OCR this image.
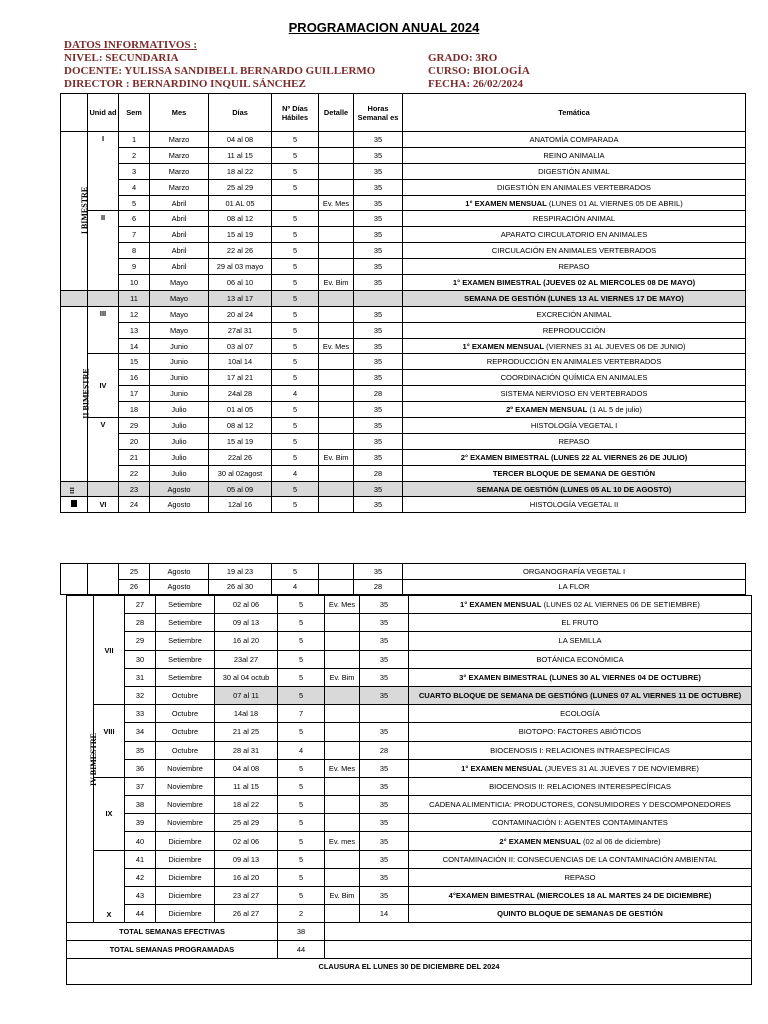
PROGRAMACION ANUAL 2024
DATOS INFORMATIVOS :
NIVEL: SECUNDARIA
DOCENTE: YULISSA SANDIBELL BERNARDO GUILLERMO
DIRECTOR : BERNARDINO INQUIL SÁNCHEZ
GRADO: 3RO
CURSO: BIOLOGÍA
FECHA: 26/02/2024
	Unid ad	Sem	Mes	Días	Nº Días Hábiles	Detalle	Horas Semanal es	Temática
I BIMESTRE	I	1	Marzo	04 al 08	5		35	ANATOMÍA COMPARADA
		2	Marzo	11 al 15	5		35	REINO ANIMALIA
		3	Marzo	18 al 22	5		35	DIGESTIÓN ANIMAL
		4	Marzo	25 al 29	5		35	DIGESTIÓN EN ANIMALES VERTEBRADOS
		5	Abril	01 AL 05		Ev. Mes	35	1° EXAMEN MENSUAL (LUNES 01 AL VIERNES 05 DE ABRIL)
	II	6	Abril	08 al 12	5		35	RESPIRACIÓN ANIMAL
		7	Abril	15 al 19	5		35	APARATO CIRCULATORIO EN ANIMALES
		8	Abril	22 al 26	5		35	CIRCULACIÓN EN ANIMALES VERTEBRADOS
		9	Abril	29 al 03 mayo	5		35	REPASO
		10	Mayo	06 al 10	5	Ev. Bim	35	1° EXAMEN BIMESTRAL (JUEVES 02 AL MIERCOLES 08 DE MAYO)
		11	Mayo	13 al 17	5			SEMANA DE GESTIÓN (LUNES 13 AL VIERNES 17 DE MAYO)
II BIMESTRE	III	12	Mayo	20 al 24	5		35	EXCRECIÓN ANIMAL
		13	Mayo	27al 31	5		35	REPRODUCCIÓN
		14	Junio	03 al 07	5	Ev. Mes	35	1° EXAMEN MENSUAL (VIERNES 31 AL JUEVES 06 DE JUNIO)
	IV	15	Junio	10al 14	5		35	REPRODUCCIÓN EN ANIMALES VERTEBRADOS
		16	Junio	17 al 21	5		35	COORDINACIÓN QUÍMICA EN ANIMALES
		17	Junio	24al 28	4		28	SISTEMA NERVIOSO EN VERTEBRADOS
		18	Julio	01 al 05	5		35	2º EXAMEN MENSUAL (1 AL 5 de julio)
	V	29	Julio	08 al 12	5		35	HISTOLOGÍA VEGETAL I
		20	Julio	15 al 19	5		35	REPASO
		21	Julio	22al 26	5	Ev. Bim	35	2° EXAMEN BIMESTRAL (LUNES 22 AL VIERNES 26 DE JULIO)
		22	Julio	30 al 02agost	4		28	TERCER BLOQUE DE SEMANA DE GESTIÓN
III		23	Agosto	05 al 09	5		35	SEMANA DE GESTIÓN (LUNES 05 AL 10 DE AGOSTO)
	VI	24	Agosto	12al 16	5		35	HISTOLOGÍA VEGETAL II
		25	Agosto	19 al 23	5		35	ORGANOGRAFÍA VEGETAL I
		26	Agosto	26 al 30	4		28	LA FLOR
IV BIMESTRE	VII	27	Setiembre	02 al 06	5	Ev. Mes	35	1° EXAMEN MENSUAL (LUNES 02 AL VIERNES 06 DE SETIEMBRE)
		28	Setiembre	09 al 13	5		35	EL FRUTO
		29	Setiembre	16 al 20	5		35	LA SEMILLA
		30	Setiembre	23al 27	5		35	BOTÁNICA ECONÓMICA
		31	Setiembre	30 al 04 octub	5	Ev. Bim	35	3° EXAMEN BIMESTRAL (LUNES 30 AL VIERNES 04 DE OCTUBRE)
		32	Octubre	07 al 11	5		35	CUARTO BLOQUE DE SEMANA DE GESTIÓNG (LUNES 07 AL VIERNES 11 DE OCTUBRE)
	VIII	33	Octubre	14al 18	7			ECOLOGÍA
		34	Octubre	21 al 25	5		35	BIOTOPO: FACTORES ABIÓTICOS
		35	Octubre	28 al 31	4		28	BIOCENOSIS I: RELACIONES INTRAESPECÍFICAS
		36	Noviembre	04 al 08	5	Ev. Mes	35	1° EXAMEN MENSUAL (JUEVES 31 AL JUEVES 7 DE NOVIEMBRE)
	IX	37	Noviembre	11 al 15	5		35	BIOCENOSIS II: RELACIONES INTERESPECÍFICAS
		38	Noviembre	18 al 22	5		35	CADENA ALIMENTICIA: PRODUCTORES, CONSUMIDORES Y DESCOMPONEDORES
		39	Noviembre	25 al 29	5		35	CONTAMINACIÓN I: AGENTES CONTAMINANTES
		40	Diciembre	02 al 06	5	Ev. mes	35	2° EXAMEN MENSUAL (02 al 06 de diciembre)
	X	41	Diciembre	09 al 13	5		35	CONTAMINACIÓN II: CONSECUENCIAS DE LA CONTAMINACIÓN AMBIENTAL
		42	Diciembre	16 al 20	5		35	REPASO
		43	Diciembre	23 al 27	5	Ev. Bim	35	4°EXAMEN BIMESTRAL (MIERCOLES 18 AL MARTES 24 DE DICIEMBRE)
		44	Diciembre	26 al 27	2		14	QUINTO BLOQUE DE SEMANAS DE GESTIÓN
TOTAL SEMANAS EFECTIVAS					38			
TOTAL SEMANAS PROGRAMADAS					44			
CLAUSURA EL LUNES 30 DE DICIEMBRE DEL 2024								
